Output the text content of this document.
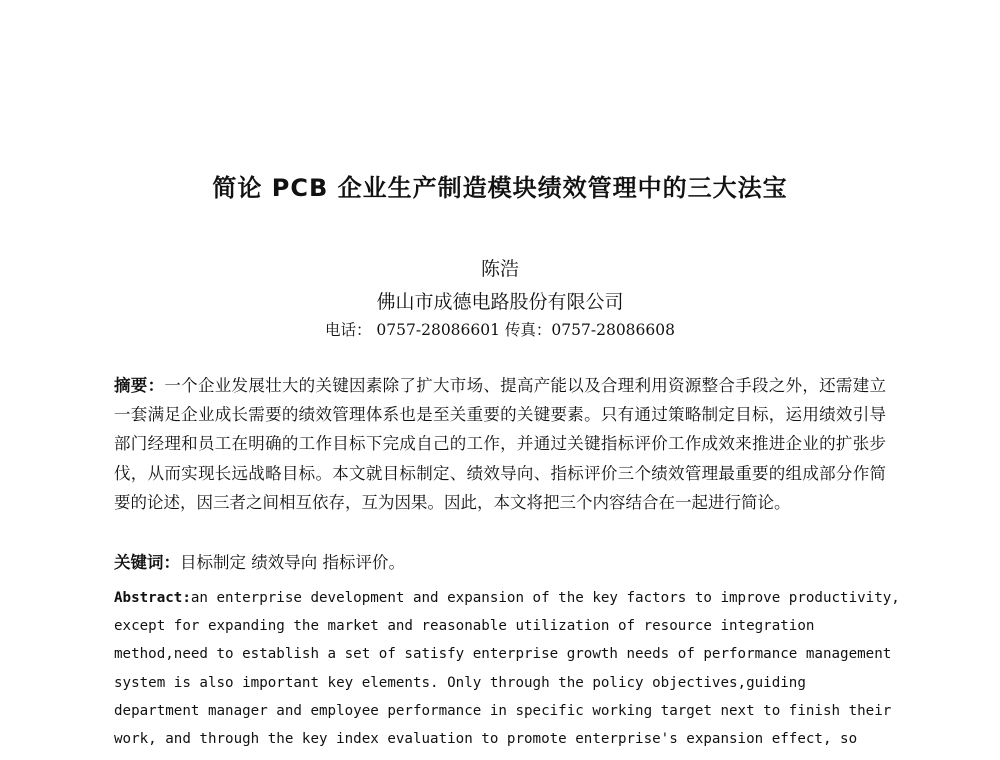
简论 PCB 企业生产制造模块绩效管理中的三大法宝
陈浩
佛山市成德电路股份有限公司
电话： 0757-28086601 传真：0757-28086608
摘要：一个企业发展壮大的关键因素除了扩大市场、提高产能以及合理利用资源整合手段之外，还需建立一套满足企业成长需要的绩效管理体系也是至关重要的关键要素。只有通过策略制定目标，运用绩效引导部门经理和员工在明确的工作目标下完成自己的工作，并通过关键指标评价工作成效来推进企业的扩张步伐，从而实现长远战略目标。本文就目标制定、绩效导向、指标评价三个绩效管理最重要的组成部分作简要的论述，因三者之间相互依存，互为因果。因此，本文将把三个内容结合在一起进行简论。
关键词：目标制定 绩效导向 指标评价。
Abstract:an enterprise development and expansion of the key factors to improve productivity,
except for expanding the market and reasonable utilization of resource integration
method,need to establish a set of satisfy enterprise growth needs of performance management
system is also important key elements. Only through the policy objectives,guiding
department manager and employee performance in specific working target next to finish their
work, and through the key index evaluation to promote enterprise's expansion effect, so
